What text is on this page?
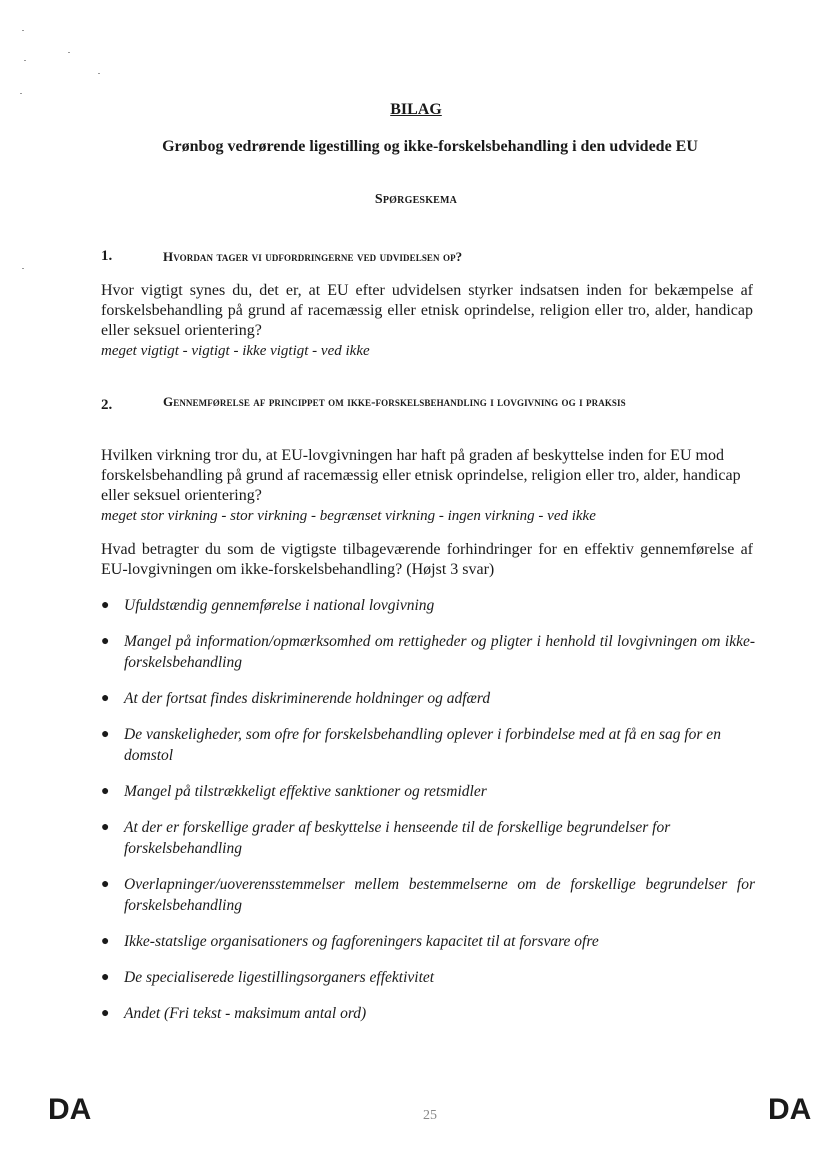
BILAG
Grønbog vedrørende ligestilling og ikke-forskelsbehandling i den udvidede EU
Spørgeskema
1.	Hvordan tager vi udfordringerne ved udvidelsen op?
Hvor vigtigt synes du, det er, at EU efter udvidelsen styrker indsatsen inden for bekæmpelse af forskelsbehandling på grund af racemæssig eller etnisk oprindelse, religion eller tro, alder, handicap eller seksuel orientering?
meget vigtigt - vigtigt - ikke vigtigt - ved ikke
2.	Gennemførelse af princippet om ikke-forskelsbehandling i lovgivning og i praksis
Hvilken virkning tror du, at EU-lovgivningen har haft på graden af beskyttelse inden for EU mod forskelsbehandling på grund af racemæssig eller etnisk oprindelse, religion eller tro, alder, handicap eller seksuel orientering?
meget stor virkning - stor virkning - begrænset virkning - ingen virkning - ved ikke
Hvad betragter du som de vigtigste tilbageværende forhindringer for en effektiv gennemførelse af EU-lovgivningen om ikke-forskelsbehandling? (Højst 3 svar)
● Ufuldstændig gennemførelse i national lovgivning
● Mangel på information/opmærksomhed om rettigheder og pligter i henhold til lovgivningen om ikke-forskelsbehandling
● At der fortsat findes diskriminerende holdninger og adfærd
● De vanskeligheder, som ofre for forskelsbehandling oplever i forbindelse med at få en sag for en domstol
● Mangel på tilstrækkeligt effektive sanktioner og retsmidler
● At der er forskellige grader af beskyttelse i henseende til de forskellige begrundelser for forskelsbehandling
● Overlapninger/uoverensstemmelser mellem bestemmelserne om de forskellige begrundelser for forskelsbehandling
● Ikke-statslige organisationers og fagforeningers kapacitet til at forsvare ofre
● De specialiserede ligestillingsorganers effektivitet
● Andet (Fri tekst - maksimum antal ord)
DA	25	DA
